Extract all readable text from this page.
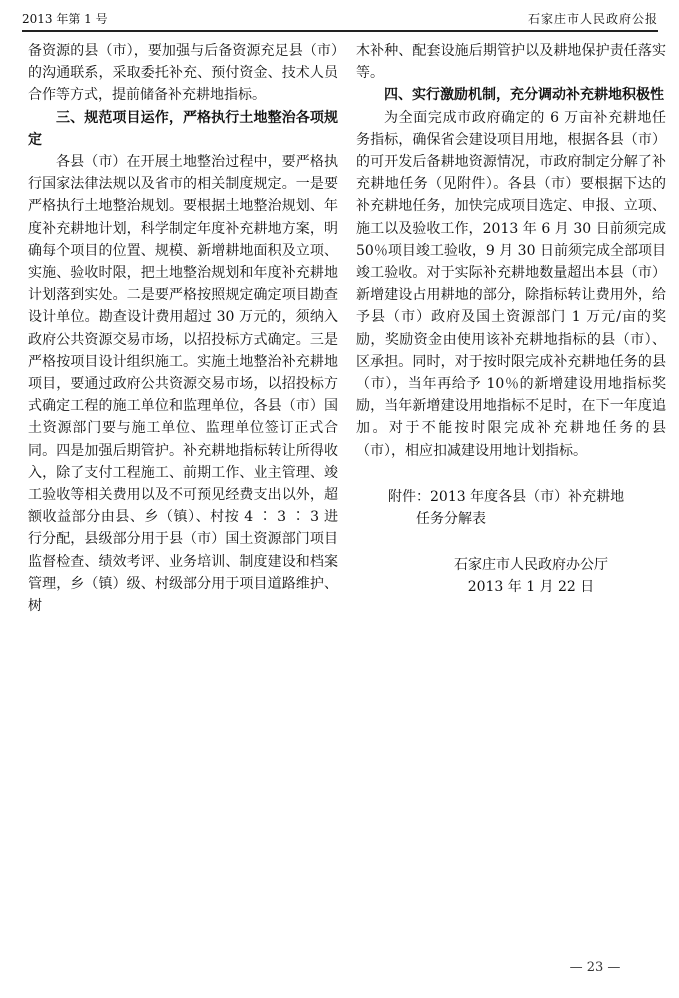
2013 年第 1 号	石家庄市人民政府公报

备资源的县（市），要加强与后备资源充足县（市）的沟通联系，采取委托补充、预付资金、技术人员合作等方式，提前储备补充耕地指标。

三、规范项目运作，严格执行土地整治各项规定

各县（市）在开展土地整治过程中，要严格执行国家法律法规以及省市的相关制度规定。一是要严格执行土地整治规划。要根据土地整治规划、年度补充耕地计划，科学制定年度补充耕地方案，明确每个项目的位置、规模、新增耕地面积及立项、实施、验收时限，把土地整治规划和年度补充耕地计划落到实处。二是要严格按照规定确定项目勘查设计单位。勘查设计费用超过 30 万元的，须纳入政府公共资源交易市场，以招投标方式确定。三是严格按项目设计组织施工。实施土地整治补充耕地项目，要通过政府公共资源交易市场，以招投标方式确定工程的施工单位和监理单位，各县（市）国土资源部门要与施工单位、监理单位签订正式合同。四是加强后期管护。补充耕地指标转让所得收入，除了支付工程施工、前期工作、业主管理、竣工验收等相关费用以及不可预见经费支出以外，超额收益部分由县、乡（镇）、村按 4 ∶ 3 ∶ 3 进行分配，县级部分用于县（市）国土资源部门项目监督检查、绩效考评、业务培训、制度建设和档案管理，乡（镇）级、村级部分用于项目道路维护、树

木补种、配套设施后期管护以及耕地保护责任落实等。

四、实行激励机制，充分调动补充耕地积极性

为全面完成市政府确定的 6 万亩补充耕地任务指标，确保省会建设项目用地，根据各县（市）的可开发后备耕地资源情况，市政府制定分解了补充耕地任务（见附件）。各县（市）要根据下达的补充耕地任务，加快完成项目选定、申报、立项、施工以及验收工作，2013 年 6 月 30 日前须完成 50％项目竣工验收，9 月 30 日前须完成全部项目竣工验收。对于实际补充耕地数量超出本县（市）新增建设占用耕地的部分，除指标转让费用外，给予县（市）政府及国土资源部门 1 万元/亩的奖励，奖励资金由使用该补充耕地指标的县（市）、区承担。同时，对于按时限完成补充耕地任务的县（市），当年再给予 10％的新增建设用地指标奖励，当年新增建设用地指标不足时，在下一年度追加。对于不能按时限完成补充耕地任务的县（市），相应扣减建设用地计划指标。

附件：2013 年度各县（市）补充耕地

任务分解表

石家庄市人民政府办公厅

2013 年 1 月 22 日

— 23 —
